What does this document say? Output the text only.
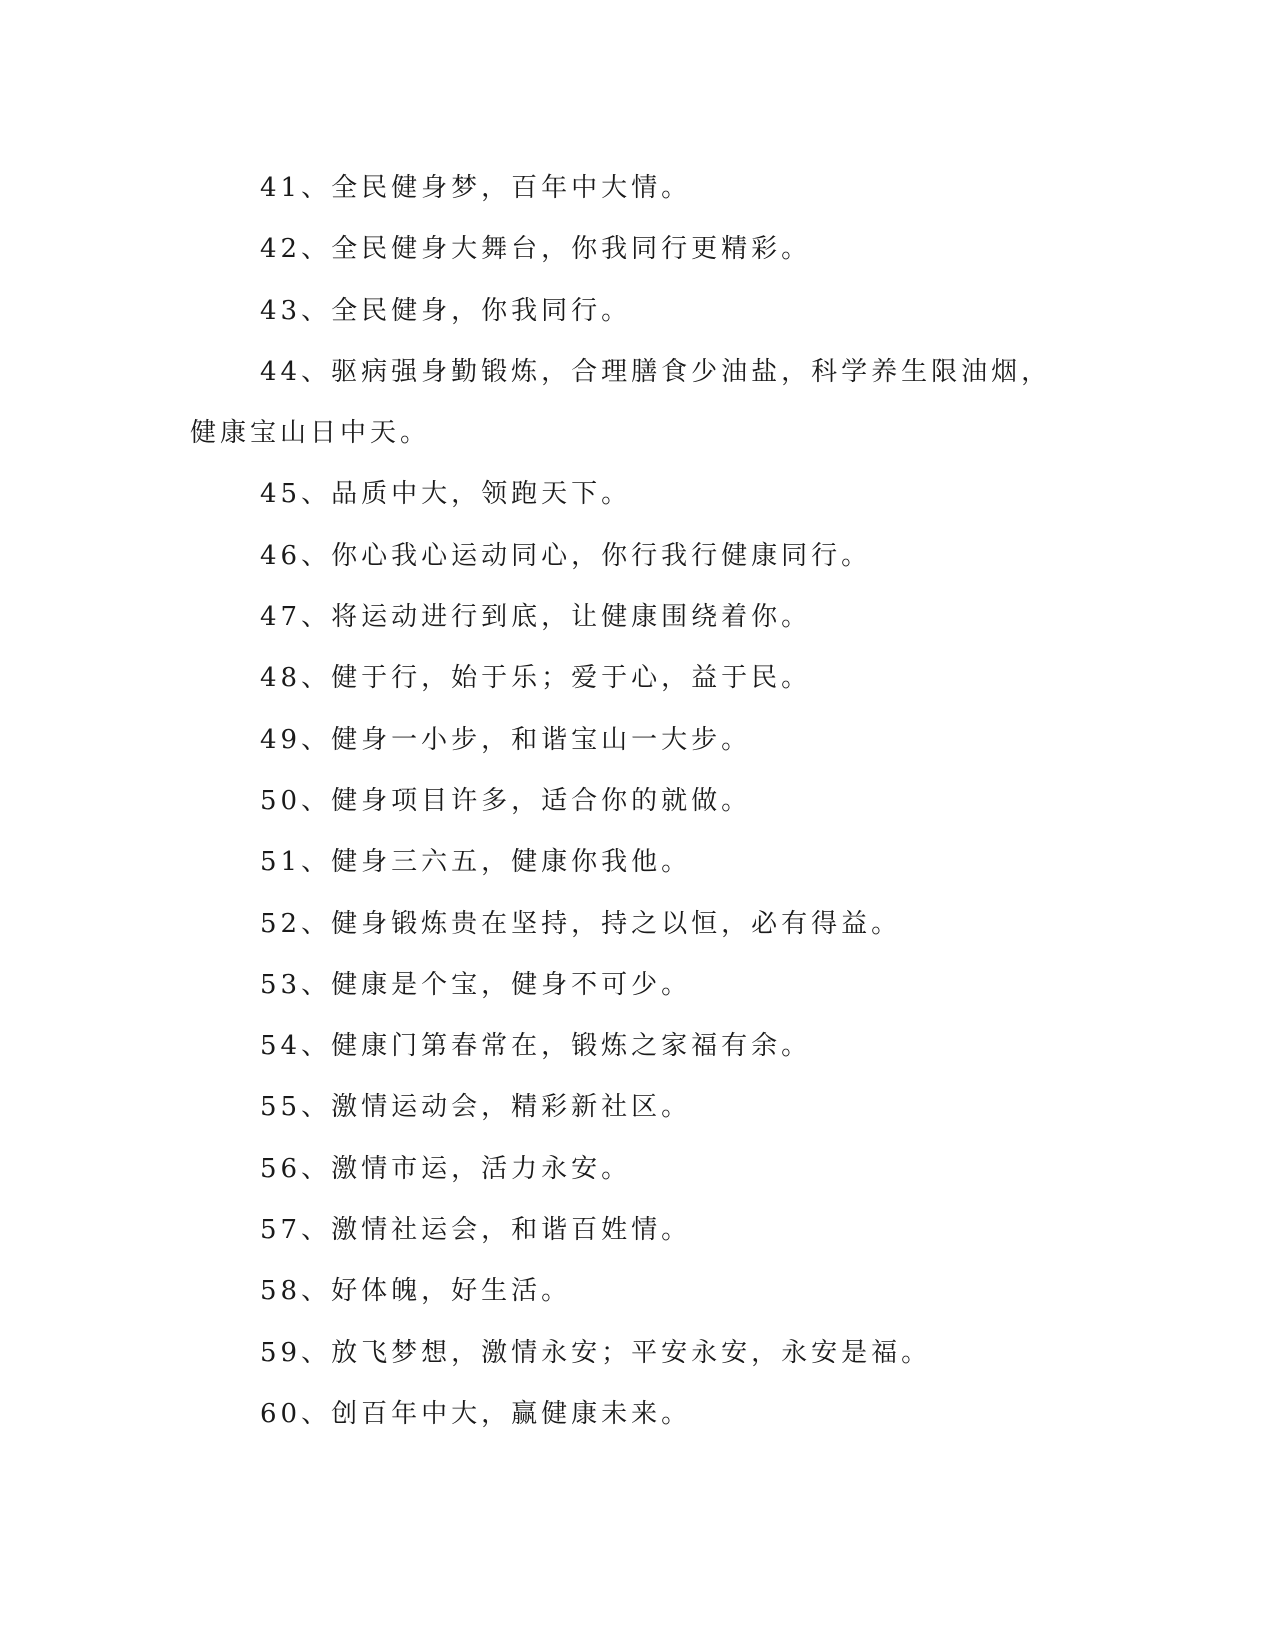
41、全民健身梦，百年中大情。

42、全民健身大舞台，你我同行更精彩。

43、全民健身，你我同行。

44、驱病强身勤锻炼，合理膳食少油盐，科学养生限油烟，健康宝山日中天。

45、品质中大，领跑天下。

46、你心我心运动同心，你行我行健康同行。

47、将运动进行到底，让健康围绕着你。

48、健于行，始于乐；爱于心，益于民。

49、健身一小步，和谐宝山一大步。

50、健身项目许多，适合你的就做。

51、健身三六五，健康你我他。

52、健身锻炼贵在坚持，持之以恒，必有得益。

53、健康是个宝，健身不可少。

54、健康门第春常在，锻炼之家福有余。

55、激情运动会，精彩新社区。

56、激情市运，活力永安。

57、激情社运会，和谐百姓情。

58、好体魄，好生活。

59、放飞梦想，激情永安；平安永安，永安是福。

60、创百年中大，赢健康未来。
